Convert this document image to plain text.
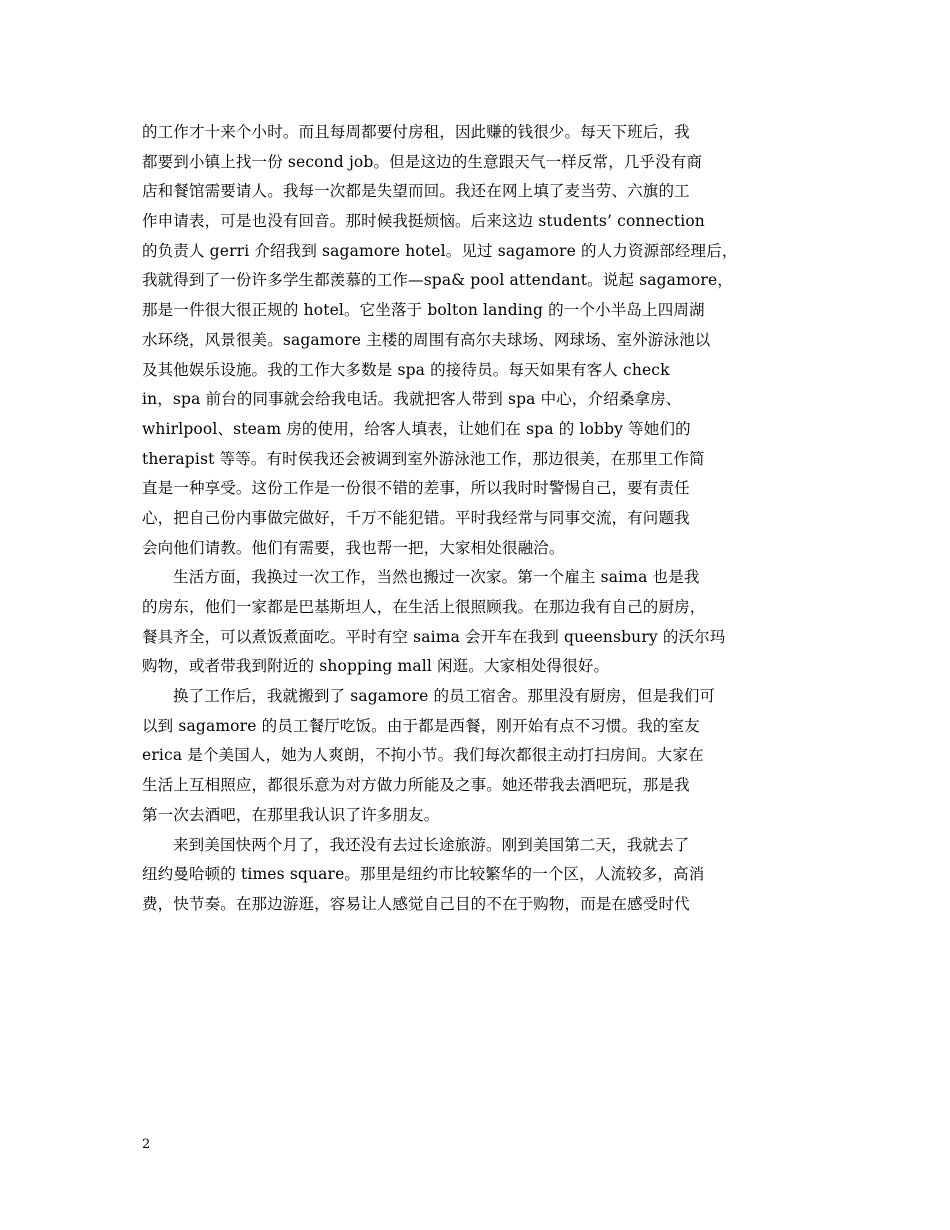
的工作才十来个小时。而且每周都要付房租，因此赚的钱很少。每天下班后，我
都要到小镇上找一份 second job。但是这边的生意跟天气一样反常，几乎没有商
店和餐馆需要请人。我每一次都是失望而回。我还在网上填了麦当劳、六旗的工
作申请表，可是也没有回音。那时候我挺烦恼。后来这边 students’ connection
的负责人 gerri 介绍我到 sagamore hotel。见过 sagamore 的人力资源部经理后，
我就得到了一份许多学生都羡慕的工作—spa& pool attendant。说起 sagamore，
那是一件很大很正规的 hotel。它坐落于 bolton landing 的一个小半岛上四周湖
水环绕，风景很美。sagamore 主楼的周围有高尔夫球场、网球场、室外游泳池以
及其他娱乐设施。我的工作大多数是 spa 的接待员。每天如果有客人 check
in，spa 前台的同事就会给我电话。我就把客人带到 spa 中心，介绍桑拿房、
whirlpool、steam 房的使用，给客人填表，让她们在 spa 的 lobby 等她们的
therapist 等等。有时侯我还会被调到室外游泳池工作，那边很美，在那里工作简
直是一种享受。这份工作是一份很不错的差事，所以我时时警惕自己，要有责任
心，把自己份内事做完做好，千万不能犯错。平时我经常与同事交流，有问题我
会向他们请教。他们有需要，我也帮一把，大家相处很融洽。
生活方面，我换过一次工作，当然也搬过一次家。第一个雇主 saima 也是我
的房东，他们一家都是巴基斯坦人，在生活上很照顾我。在那边我有自己的厨房，
餐具齐全，可以煮饭煮面吃。平时有空 saima 会开车在我到 queensbury 的沃尔玛
购物，或者带我到附近的 shopping mall 闲逛。大家相处得很好。
换了工作后，我就搬到了 sagamore 的员工宿舍。那里没有厨房，但是我们可
以到 sagamore 的员工餐厅吃饭。由于都是西餐，刚开始有点不习惯。我的室友
erica 是个美国人，她为人爽朗，不拘小节。我们每次都很主动打扫房间。大家在
生活上互相照应，都很乐意为对方做力所能及之事。她还带我去酒吧玩，那是我
第一次去酒吧，在那里我认识了许多朋友。
来到美国快两个月了，我还没有去过长途旅游。刚到美国第二天，我就去了
纽约曼哈顿的 times square。那里是纽约市比较繁华的一个区，人流较多，高消
费，快节奏。在那边游逛，容易让人感觉自己目的不在于购物，而是在感受时代
2
